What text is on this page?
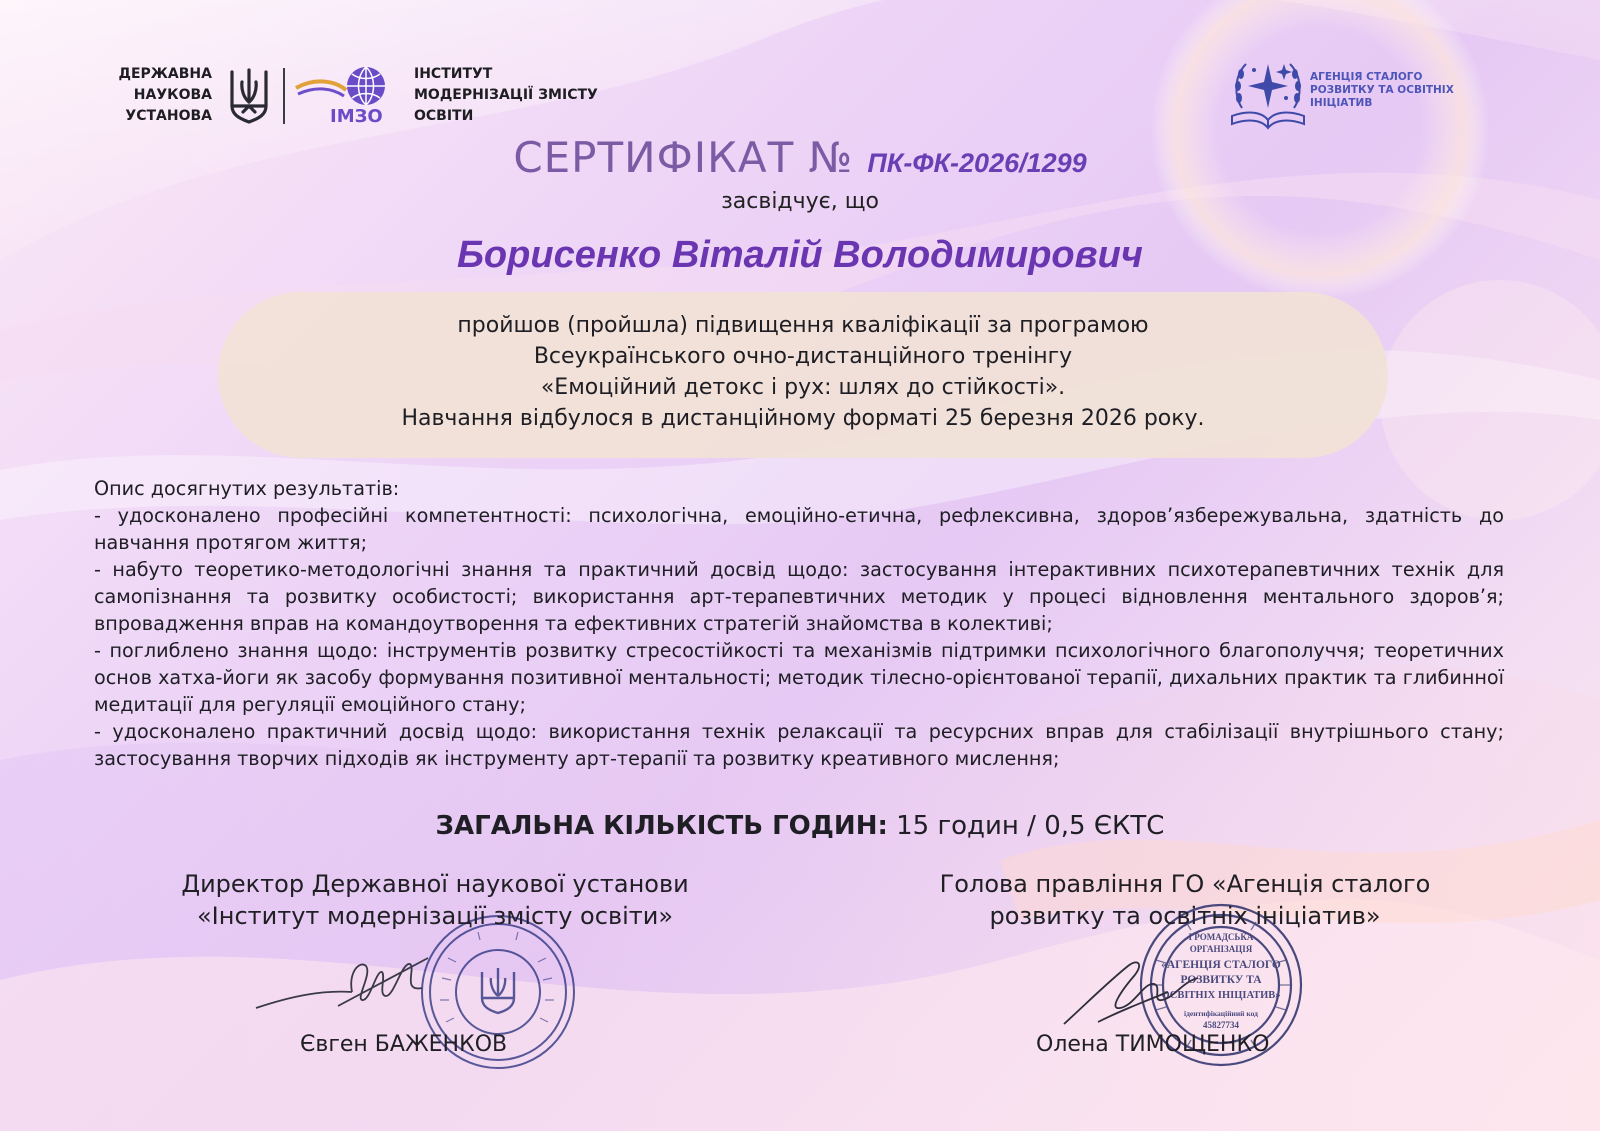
ДЕРЖАВНА
НАУКОВА
УСТАНОВА	ІМЗО
ІНСТИТУТ
МОДЕРНІЗАЦІЇ ЗМІСТУ
ОСВІТИ
АГЕНЦІЯ СТАЛОГО
РОЗВИТКУ ТА ОСВІТНІХ
ІНІЦІАТИВ
СЕРТИФІКАТ № ПК-ФК-2026/1299
засвідчує, що
Борисенко Віталій Володимирович
пройшов (пройшла) підвищення кваліфікації за програмою
Всеукраїнського очно-дистанційного тренінгу
«Емоційний детокс і рух: шлях до стійкості».
Навчання відбулося в дистанційному форматі 25 березня 2026 року.

Опис досягнутих результатів:

- удосконалено професійні компетентності: психологічна, емоційно-етична, рефлексивна, здоров’язбережувальна, здатність до навчання протягом життя;

- набуто теоретико-методологічні знання та практичний досвід щодо: застосування інтерактивних психотерапевтичних технік для самопізнання та розвитку особистості; використання арт-терапевтичних методик у процесі відновлення ментального здоров’я; впровадження вправ на командоутворення та ефективних стратегій знайомства в колективі;

- поглиблено знання щодо: інструментів розвитку стресостійкості та механізмів підтримки психологічного благополуччя; теоретичних основ хатха-йоги як засобу формування позитивної ментальності; методик тілесно-орієнтованої терапії, дихальних практик та глибинної медитації для регуляції емоційного стану;

- удосконалено практичний досвід щодо: використання технік релаксації та ресурсних вправ для стабілізації внутрішнього стану; застосування творчих підходів як інструменту арт-терапії та розвитку креативного мислення;

ЗАГАЛЬНА КІЛЬКІСТЬ ГОДИН: 15 годин / 0,5 ЄКТС
ГРОМАДСЬКА
ОРГАНІЗАЦІЯ
«АГЕНЦІЯ СТАЛОГО
РОЗВИТКУ ТА
ОСВІТНІХ ІНІЦІАТИВ»
ідентифікаційний код
45827734
Директор Державної наукової установи
«Інститут модернізації змісту освіти»
Голова правління ГО «Агенція сталого
розвитку та освітніх ініціатив»
Євген БАЖЕНКОВ	Олена ТИМОЩЕНКО
